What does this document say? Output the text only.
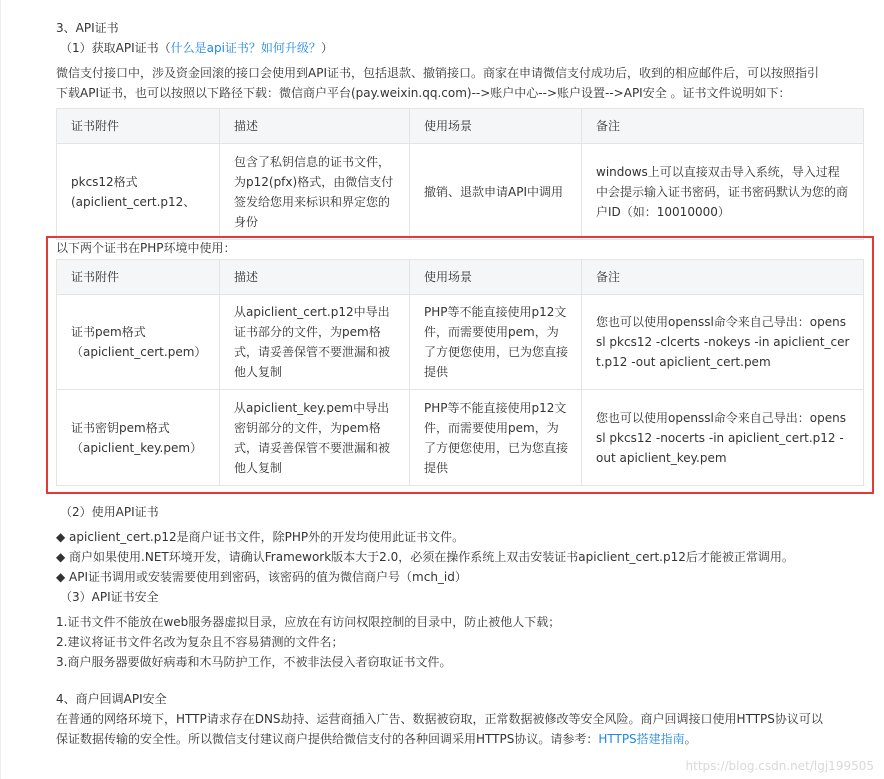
3、API证书
（1）获取API证书（什么是api证书？如何升级？）
微信支付接口中，涉及资金回滚的接口会使用到API证书，包括退款、撤销接口。商家在申请微信支付成功后，收到的相应邮件后，可以按照指引
下载API证书，也可以按照以下路径下载：微信商户平台(pay.weixin.qq.com)-->账户中心-->账户设置-->API安全 。证书文件说明如下：
证书附件	描述	使用场景	备注
pkcs12格式
(apiclient_cert.p12、	包含了私钥信息的证书文件，为p12(pfx)格式，由微信支付签发给您用来标识和界定您的身份	撤销、退款申请API中调用	windows上可以直接双击导入系统，导入过程中会提示输入证书密码，证书密码默认为您的商户ID（如：10010000）
以下两个证书在PHP环境中使用：
证书附件	描述	使用场景	备注
证书pem格式
（apiclient_cert.pem）	从apiclient_cert.p12中导出证书部分的文件，为pem格式，请妥善保管不要泄漏和被他人复制	PHP等不能直接使用p12文件，而需要使用pem，为了方便您使用，已为您直接提供	您也可以使用openssl命令来自己导出：openssl pkcs12 -clcerts -nokeys -in apiclient_cert.p12 -out apiclient_cert.pem

证书密钥pem格式
（apiclient_key.pem）	从apiclient_key.pem中导出密钥部分的文件，为pem格式，请妥善保管不要泄漏和被他人复制	PHP等不能直接使用p12文件，而需要使用pem，为了方便您使用，已为您直接提供	您也可以使用openssl命令来自己导出：openssl pkcs12 -nocerts -in apiclient_cert.p12 -out apiclient_key.pem
（2）使用API证书
◆ apiclient_cert.p12是商户证书文件，除PHP外的开发均使用此证书文件。
◆ 商户如果使用.NET环境开发，请确认Framework版本大于2.0，必须在操作系统上双击安装证书apiclient_cert.p12后才能被正常调用。
◆ API证书调用或安装需要使用到密码，该密码的值为微信商户号（mch_id）
（3）API证书安全
1.证书文件不能放在web服务器虚拟目录，应放在有访问权限控制的目录中，防止被他人下载；
2.建议将证书文件名改为复杂且不容易猜测的文件名；
3.商户服务器要做好病毒和木马防护工作，不被非法侵入者窃取证书文件。
4、商户回调API安全
在普通的网络环境下，HTTP请求存在DNS劫持、运营商插入广告、数据被窃取，正常数据被修改等安全风险。商户回调接口使用HTTPS协议可以
保证数据传输的安全性。所以微信支付建议商户提供给微信支付的各种回调采用HTTPS协议。请参考：HTTPS搭建指南。
https://blog.csdn.net/lgj199505
